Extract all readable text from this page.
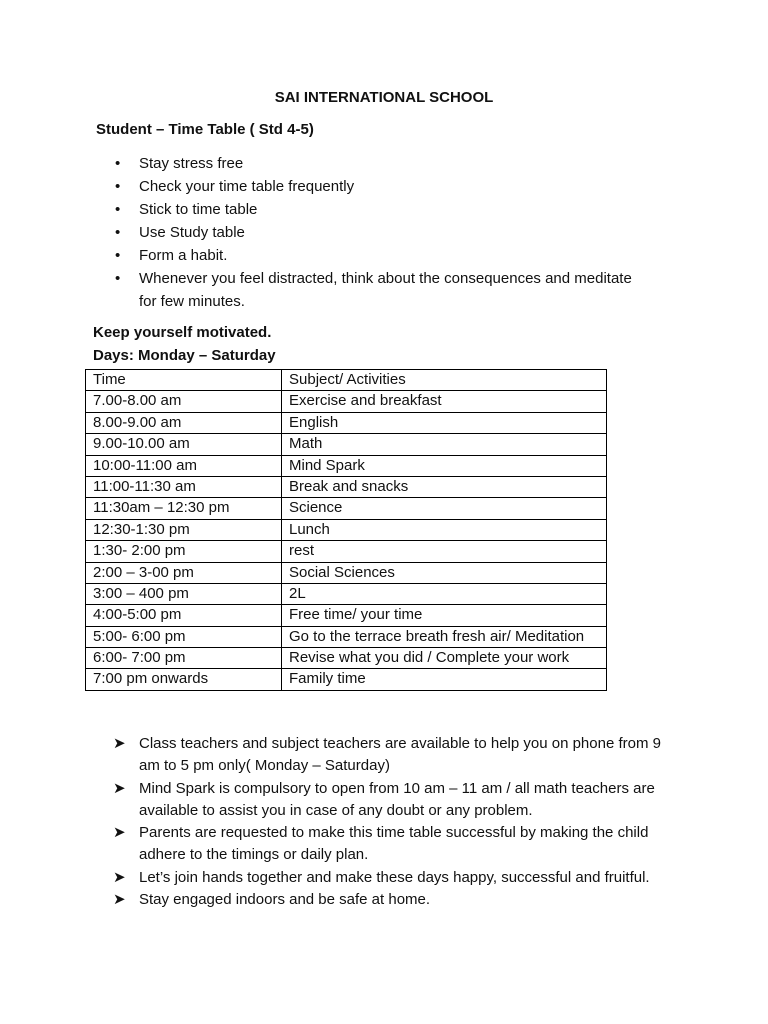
SAI INTERNATIONAL SCHOOL
Student – Time Table ( Std 4-5)
• Stay stress free
• Check your time table frequently
• Stick to time table
• Use Study table
• Form a habit.
• Whenever you feel distracted, think about the consequences and meditate for few minutes.
Keep yourself motivated.
Days: Monday – Saturday
Time	Subject/ Activities
7.00-8.00 am	Exercise and breakfast
8.00-9.00 am	English
9.00-10.00 am	Math
10:00-11:00 am	Mind Spark
11:00-11:30 am	Break and snacks
11:30am – 12:30 pm	Science
12:30-1:30 pm	Lunch
1:30- 2:00 pm	rest
2:00 – 3-00 pm	Social Sciences
3:00 – 400 pm	2L
4:00-5:00 pm	Free time/ your time
5:00- 6:00 pm	Go to the terrace breath fresh air/ Meditation
6:00- 7:00 pm	Revise what you did / Complete your work
7:00 pm onwards	Family time
➤ Class teachers and subject teachers are available to help you on phone from 9 am to 5 pm only( Monday – Saturday)
➤ Mind Spark is compulsory to open from 10 am – 11 am / all math teachers are available to assist you in case of any doubt or any problem.
➤ Parents are requested to make this time table successful by making the child adhere to the timings or daily plan.
➤ Let’s join hands together and make these days happy, successful and fruitful.
➤ Stay engaged indoors and be safe at home.
